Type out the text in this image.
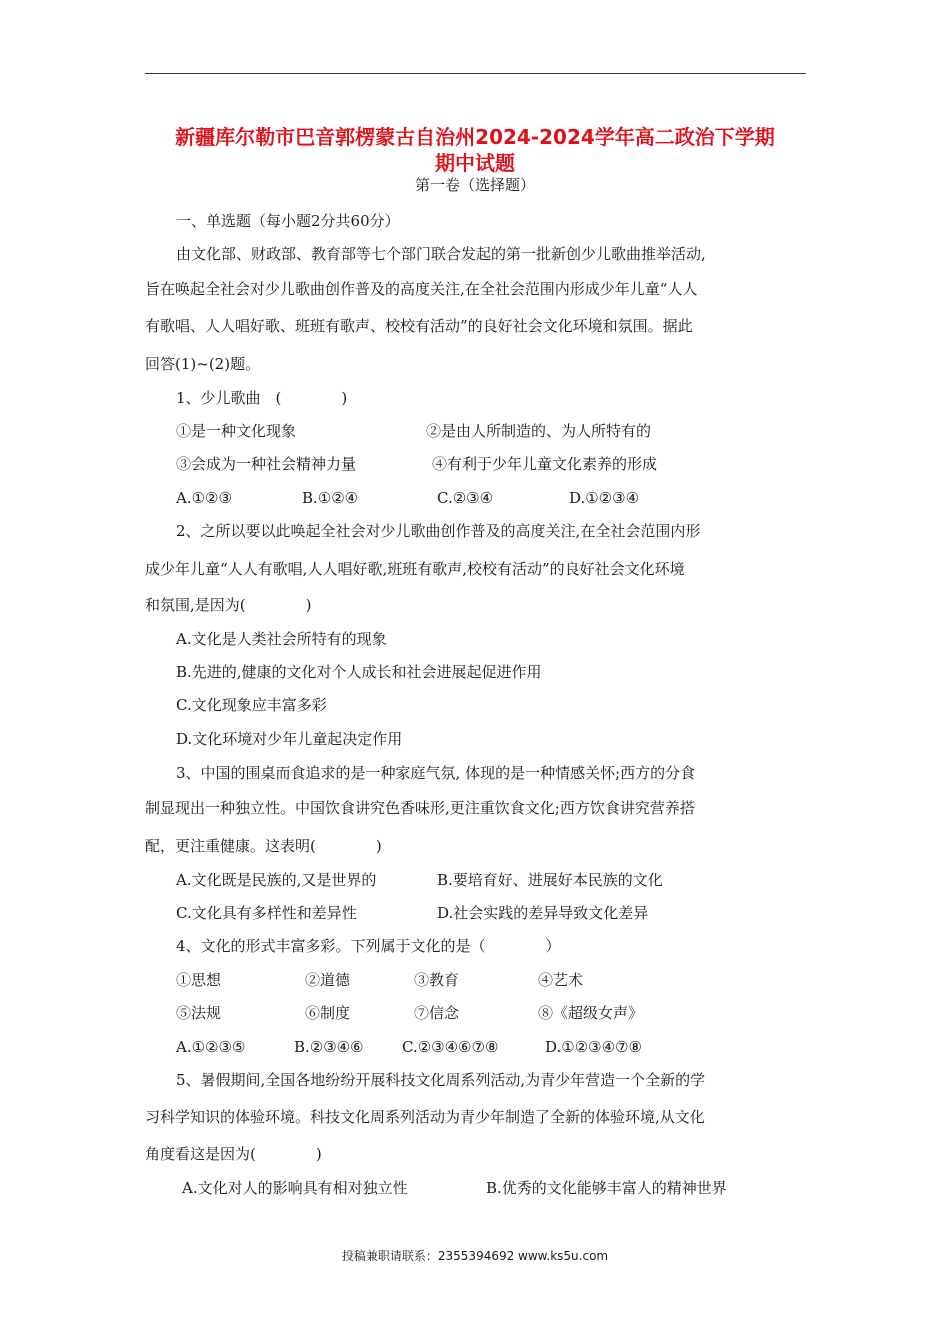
新疆库尔勒市巴音郭楞蒙古自治州2024-2024学年高二政治下学期
期中试题
第一卷（选择题）
一、单选题（每小题2分共60分）
由文化部、财政部、教育部等七个部门联合发起的第一批新创少儿歌曲推举活动,
旨在唤起全社会对少儿歌曲创作普及的高度关注,在全社会范围内形成少年儿童“人人
有歌唱、人人唱好歌、班班有歌声、校校有活动”的良好社会文化环境和氛围。据此
回答(1)~(2)题。
1、少儿歌曲　(　　　　)
①是一种文化现象	②是由人所制造的、为人所特有的
③会成为一种社会精神力量	④有利于少年儿童文化素养的形成
A.①②③	B.①②④	C.②③④	D.①②③④
2、之所以要以此唤起全社会对少儿歌曲创作普及的高度关注,在全社会范围内形
成少年儿童“人人有歌唱,人人唱好歌,班班有歌声,校校有活动”的良好社会文化环境
和氛围,是因为(　　　　)
A.文化是人类社会所特有的现象
B.先进的,健康的文化对个人成长和社会进展起促进作用
C.文化现象应丰富多彩
D.文化环境对少年儿童起决定作用
3、中国的围桌而食追求的是一种家庭气氛, 体现的是一种情感关怀;西方的分食
制显现出一种独立性。中国饮食讲究色香味形,更注重饮食文化;西方饮食讲究营养搭
配，更注重健康。这表明(　　　　)
A.文化既是民族的,又是世界的	B.要培育好、进展好本民族的文化
C.文化具有多样性和差异性	D.社会实践的差异导致文化差异
4、文化的形式丰富多彩。下列属于文化的是（　　　　）
①思想	②道德	③教育	④艺术
⑤法规	⑥制度	⑦信念	⑧《超级女声》
A.①②③⑤	B.②③④⑥	C.②③④⑥⑦⑧	D.①②③④⑦⑧
5、暑假期间,全国各地纷纷开展科技文化周系列活动,为青少年营造一个全新的学
习科学知识的体验环境。科技文化周系列活动为青少年制造了全新的体验环境,从文化
角度看这是因为(　　　　)
A.文化对人的影响具有相对独立性	B.优秀的文化能够丰富人的精神世界
投稿兼职请联系：2355394692 www.ks5u.com
